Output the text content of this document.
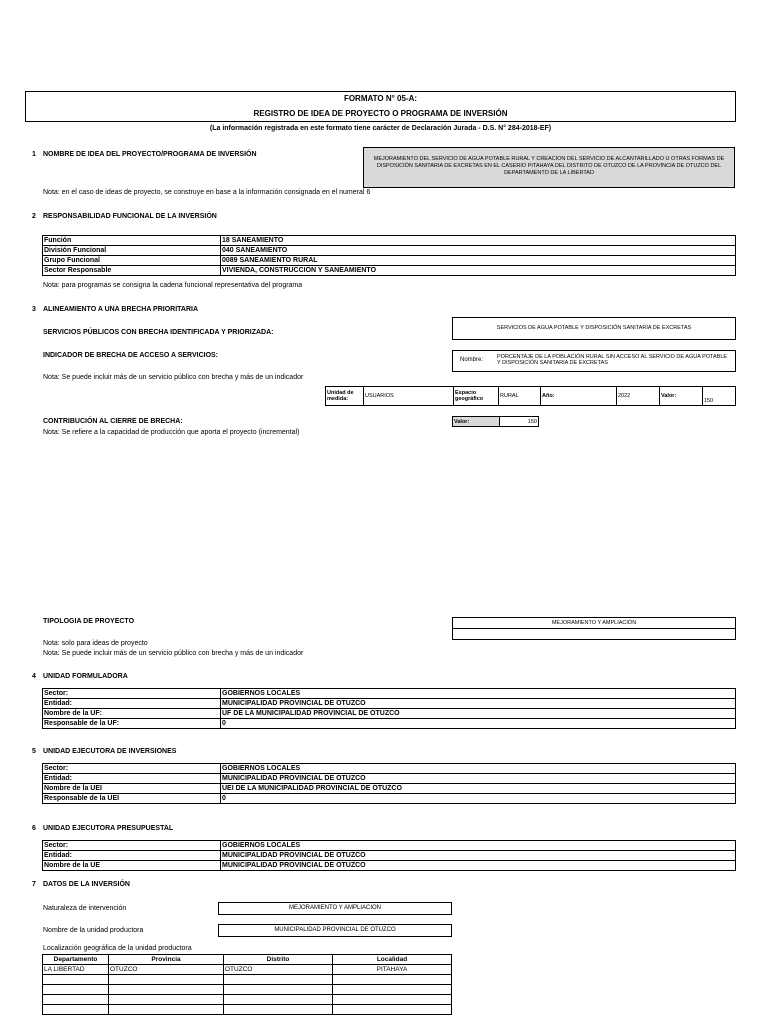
FORMATO N° 05-A:
REGISTRO DE IDEA DE PROYECTO O PROGRAMA DE INVERSIÓN
(La información registrada en este formato tiene carácter de Declaración Jurada - D.S. N° 284-2018-EF)
1 NOMBRE DE IDEA DEL PROYECTO/PROGRAMA DE INVERSIÓN
MEJORAMIENTO DEL SERVICIO DE AGUA POTABLE RURAL Y CREACION DEL SERVICIO DE ALCANTARILLADO U OTRAS FORMAS DE DISPOSICIÓN SANITARIA DE EXCRETAS EN EL CASERIO PITAHAYA DEL DISTRITO DE OTUZCO DE LA PROVINCIA DE OTUZCO DEL DEPARTAMENTO DE LA LIBERTAD
Nota: en el caso de ideas de proyecto, se construye en base a la información consignada en el numeral 6
2 RESPONSABILIDAD FUNCIONAL DE LA INVERSIÓN
Función	18 SANEAMIENTO
División Funcional	040 SANEAMIENTO
Grupo Funcional	0089 SANEAMIENTO RURAL
Sector Responsable	VIVIENDA, CONSTRUCCIÓN Y SANEAMIENTO
Nota: para programas se consigna la cadena funcional representativa del programa
3 ALINEAMIENTO A UNA BRECHA PRIORITARIA
SERVICIOS PÚBLICOS CON BRECHA IDENTIFICADA Y PRIORIZADA:
SERVICIOS DE AGUA POTABLE Y DISPOSICIÓN SANITARIA DE EXCRETAS
INDICADOR DE BRECHA DE ACCESO A SERVICIOS:
Nombre:	PORCENTAJE DE LA POBLACIÓN RURAL SIN ACCESO AL SERVICIO DE AGUA POTABLE Y DISPOSICIÓN SANITARIA DE EXCRETAS
Nota: Se puede incluir más de un servicio público con brecha y más de un indicador
Unidad de medida:	USUARIOS	Espacio geográfico	RURAL	Año:	2022	Valor:	150
CONTRIBUCIÓN AL CIERRE DE BRECHA:	Valor:	150
Nota: Se refiere a la capacidad de producción que aporta el proyecto (incremental)
TIPOLOGIA DE PROYECTO	MEJORAMIENTO Y AMPLIACIÓN
Nota: solo para ideas de proyecto
Nota: Se puede incluir más de un servicio público con brecha y más de un indicador
4 UNIDAD FORMULADORA
Sector:	GOBIERNOS LOCALES
Entidad:	MUNICIPALIDAD PROVINCIAL DE OTUZCO
Nombre de la UF:	UF DE LA MUNICIPALIDAD PROVINCIAL DE OTUZCO
Responsable de la UF:	0
5 UNIDAD EJECUTORA DE INVERSIONES
Sector:	GOBIERNOS LOCALES
Entidad:	MUNICIPALIDAD PROVINCIAL DE OTUZCO
Nombre de la UEI	UEI DE LA MUNICIPALIDAD PROVINCIAL DE OTUZCO
Responsable de la UEI	0
6 UNIDAD EJECUTORA PRESUPUESTAL
Sector:	GOBIERNOS LOCALES
Entidad:	MUNICIPALIDAD PROVINCIAL DE OTUZCO
Nombre de la UE	MUNICIPALIDAD PROVINCIAL DE OTUZCO
7 DATOS DE LA INVERSIÓN
Naturaleza de intervención	MEJORAMIENTO Y AMPLIACION
Nombre de la unidad productora	MUNICIPALIDAD PROVINCIAL DE OTUZCO
Localización geográfica de la unidad productora
Departamento	Provincia	Distrito	Localidad
LA LIBERTAD	OTUZCO	OTUZCO	PITAHAYA
